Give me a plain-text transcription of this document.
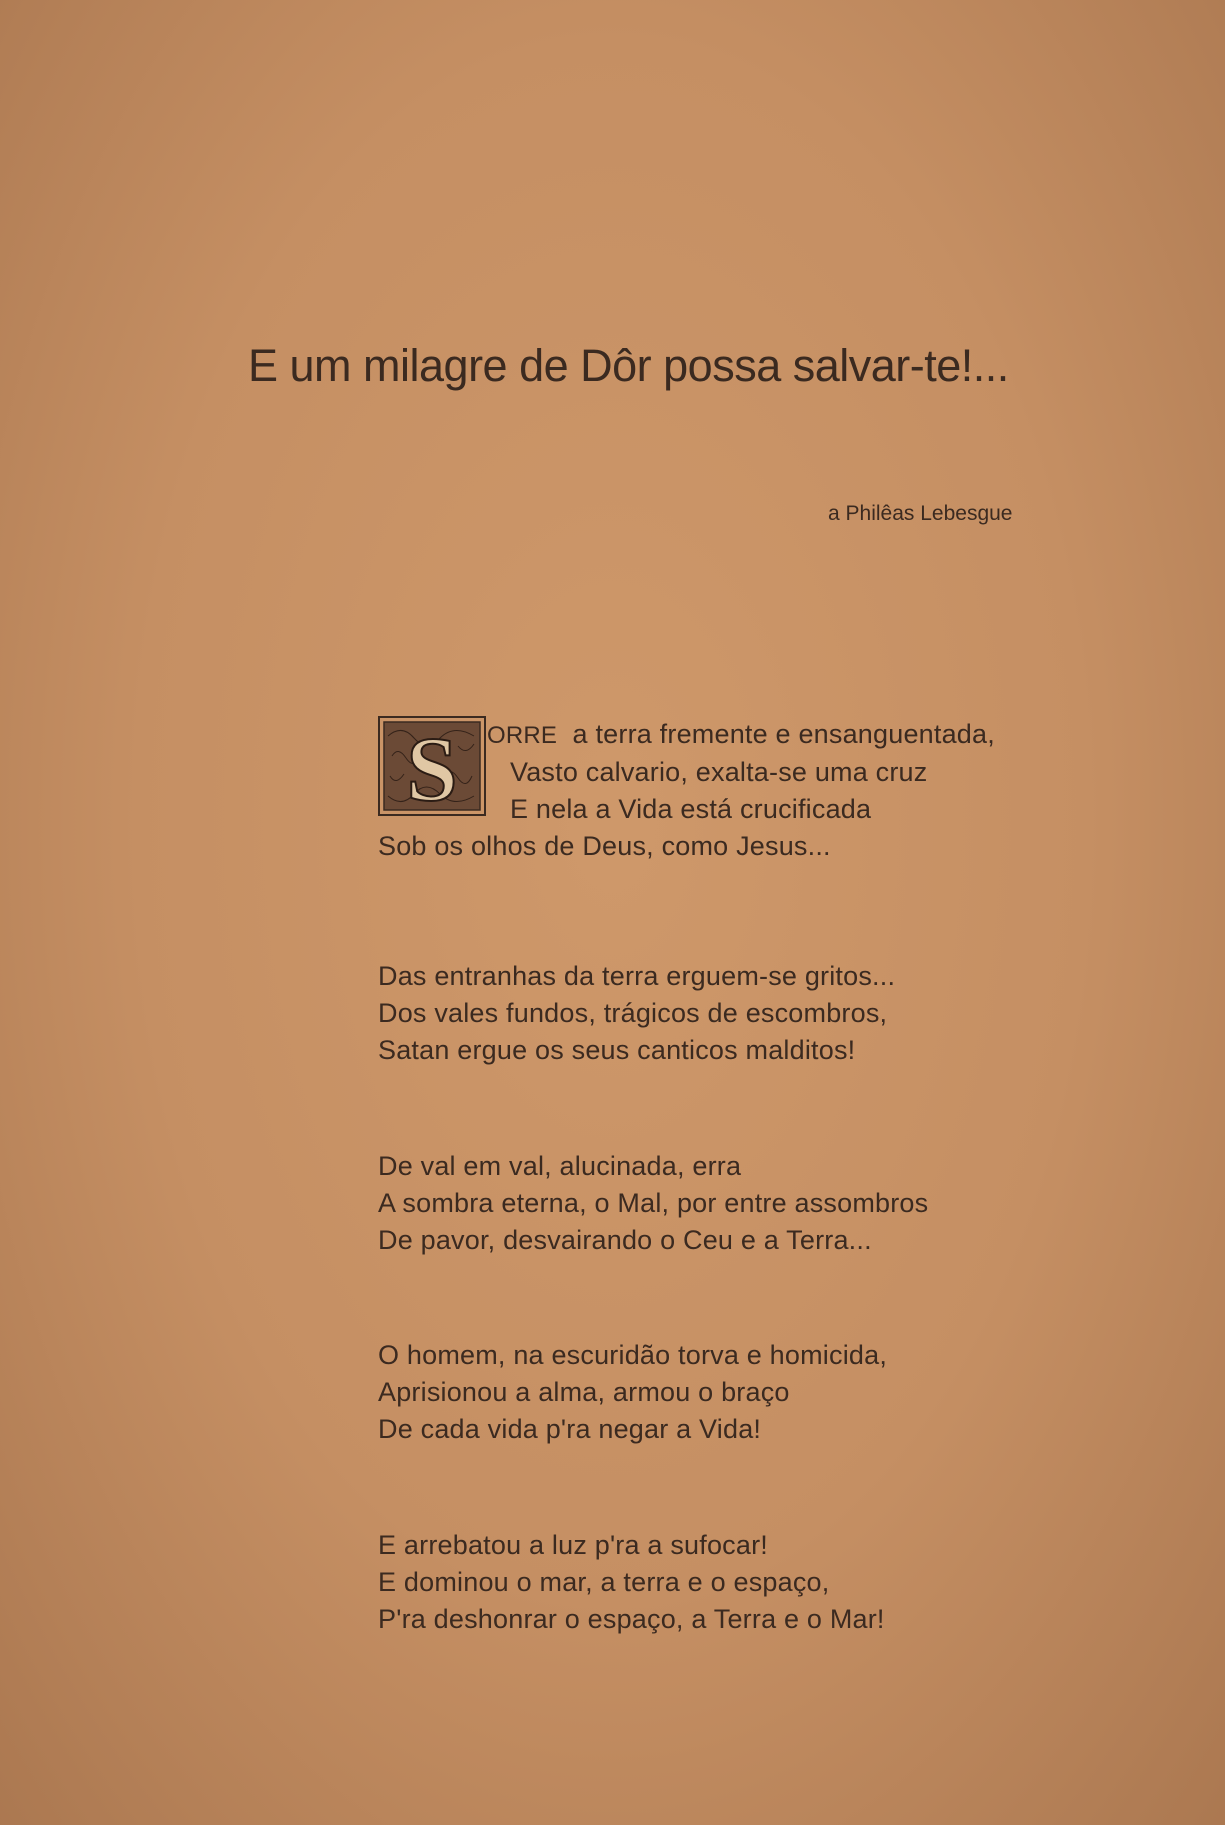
E um milagre de Dôr possa salvar-te!...
a Philêas Lebesgue
S	ORRE a terra fremente e ensanguentada,
Vasto calvario, exalta-se uma cruz
E nela a Vida está crucificada
Sob os olhos de Deus, como Jesus...
Das entranhas da terra erguem-se gritos...
Dos vales fundos, trágicos de escombros,
Satan ergue os seus canticos malditos!
De val em val, alucinada, erra
A sombra eterna, o Mal, por entre assombros
De pavor, desvairando o Ceu e a Terra...
O homem, na escuridão torva e homicida,
Aprisionou a alma, armou o braço
De cada vida p'ra negar a Vida!
E arrebatou a luz p'ra a sufocar!
E dominou o mar, a terra e o espaço,
P'ra deshonrar o espaço, a Terra e o Mar!
